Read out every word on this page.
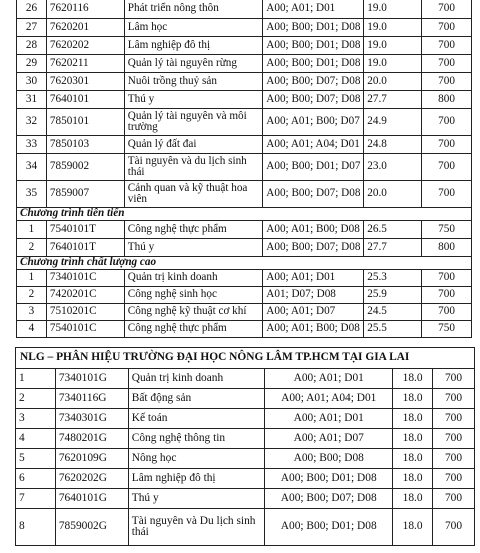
26	7620116	Phát triển nông thôn	A00; A01; D01	19.0	700
27	7620201	Lâm học	A00; B00; D01; D08	19.0	700
28	7620202	Lâm nghiệp đô thị	A00; B00; D01; D08	19.0	700
29	7620211	Quản lý tài nguyên rừng	A00; B00; D01; D08	19.0	700
30	7620301	Nuôi trồng thuỷ sản	A00; B00; D07; D08	20.0	700
31	7640101	Thú y	A00; B00; D07; D08	27.7	800
32	7850101	Quản lý tài nguyên và môi trường	A00; A01; B00; D07	24.9	700
33	7850103	Quản lý đất đai	A00; A01; A04; D01	24.8	700
34	7859002	Tài nguyên và du lịch sinh thái	A00; B00; D01; D07	23.0	700
35	7859007	Cảnh quan và kỹ thuật hoa viên	A00; B00; D07; D08	20.0	700
Chương trình tiên tiến					
1	7540101T	Công nghệ thực phẩm	A00; A01; B00; D08	26.5	750
2	7640101T	Thú y	A00; B00; D07; D08	27.7	800
Chương trình chất lượng cao					
1	7340101C	Quản trị kinh doanh	A00; A01; D01	25.3	700
2	7420201C	Công nghệ sinh học	A01; D07; D08	25.9	700
3	7510201C	Công nghệ kỹ thuật cơ khí	A00; A01; D07	24.5	700
4	7540101C	Công nghệ thực phẩm	A00; A01; B00; D08	25.5	750
NLG – PHÂN HIỆU TRƯỜNG ĐẠI HỌC NÔNG LÂM TP.HCM TẠI GIA LAI					
1	7340101G	Quản trị kinh doanh	A00; A01; D01	18.0	700
2	7340116G	Bất động sản	A00; A01; A04; D01	18.0	700
3	7340301G	Kế toán	A00; A01; D01	18.0	700
4	7480201G	Công nghệ thông tin	A00; A01; D07	18.0	700
5	7620109G	Nông học	A00; B00; D08	18.0	700
6	7620202G	Lâm nghiệp đô thị	A00; B00; D01; D08	18.0	700
7	7640101G	Thú y	A00; B00; D07; D08	18.0	700
8	7859002G	Tài nguyên và Du lịch sinh thái	A00; B00; D01; D08	18.0	700
